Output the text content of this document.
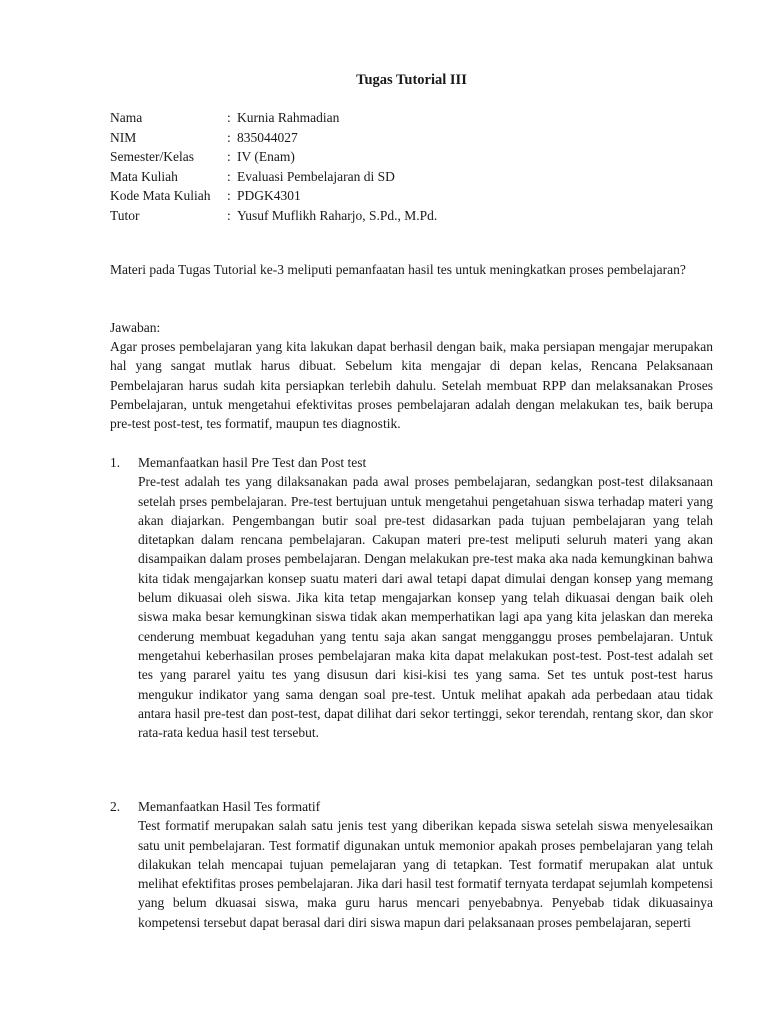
Tugas Tutorial III
Nama	: Kurnia Rahmadian
NIM	: 835044027
Semester/Kelas	: IV (Enam)
Mata Kuliah	: Evaluasi Pembelajaran di SD
Kode Mata Kuliah	: PDGK4301
Tutor	: Yusuf Muflikh Raharjo, S.Pd., M.Pd.
Materi pada Tugas Tutorial ke-3 meliputi pemanfaatan hasil tes untuk meningkatkan proses pembelajaran?
Jawaban:
Agar proses pembelajaran yang kita lakukan dapat berhasil dengan baik, maka persiapan mengajar merupakan hal yang sangat mutlak harus dibuat. Sebelum kita mengajar di depan kelas, Rencana Pelaksanaan Pembelajaran harus sudah kita persiapkan terlebih dahulu. Setelah membuat RPP dan melaksanakan Proses Pembelajaran, untuk mengetahui efektivitas proses pembelajaran adalah dengan melakukan tes, baik berupa pre-test post-test, tes formatif, maupun tes diagnostik.
1.	Memanfaatkan hasil Pre Test dan Post test
Pre-test adalah tes yang dilaksanakan pada awal proses pembelajaran, sedangkan post-test dilaksanaan setelah prses pembelajaran. Pre-test bertujuan untuk mengetahui pengetahuan siswa terhadap materi yang akan diajarkan. Pengembangan butir soal pre-test didasarkan pada tujuan pembelajaran yang telah ditetapkan dalam rencana pembelajaran. Cakupan materi pre-test meliputi seluruh materi yang akan disampaikan dalam proses pembelajaran. Dengan melakukan pre-test maka aka nada kemungkinan bahwa kita tidak mengajarkan konsep suatu materi dari awal tetapi dapat dimulai dengan konsep yang memang belum dikuasai oleh siswa. Jika kita tetap mengajarkan konsep yang telah dikuasai dengan baik oleh siswa maka besar kemungkinan siswa tidak akan memperhatikan lagi apa yang kita jelaskan dan mereka cenderung membuat kegaduhan yang tentu saja akan sangat mengganggu proses pembelajaran. Untuk mengetahui keberhasilan proses pembelajaran maka kita dapat melakukan post-test. Post-test adalah set tes yang pararel yaitu tes yang disusun dari kisi-kisi tes yang sama. Set tes untuk post-test harus mengukur indikator yang sama dengan soal pre-test. Untuk melihat apakah ada perbedaan atau tidak antara hasil pre-test dan post-test, dapat dilihat dari sekor tertinggi, sekor terendah, rentang skor, dan skor rata-rata kedua hasil test tersebut.
2.	Memanfaatkan Hasil Tes formatif
Test formatif merupakan salah satu jenis test yang diberikan kepada siswa setelah siswa menyelesaikan satu unit pembelajaran. Test formatif digunakan untuk memonior apakah proses pembelajaran yang telah dilakukan telah mencapai tujuan pemelajaran yang di tetapkan. Test formatif merupakan alat untuk melihat efektifitas proses pembelajaran. Jika dari hasil test formatif ternyata terdapat sejumlah kompetensi yang belum dkuasai siswa, maka guru harus mencari penyebabnya. Penyebab tidak dikuasainya kompetensi tersebut dapat berasal dari diri siswa mapun dari pelaksanaan proses pembelajaran, seperti
